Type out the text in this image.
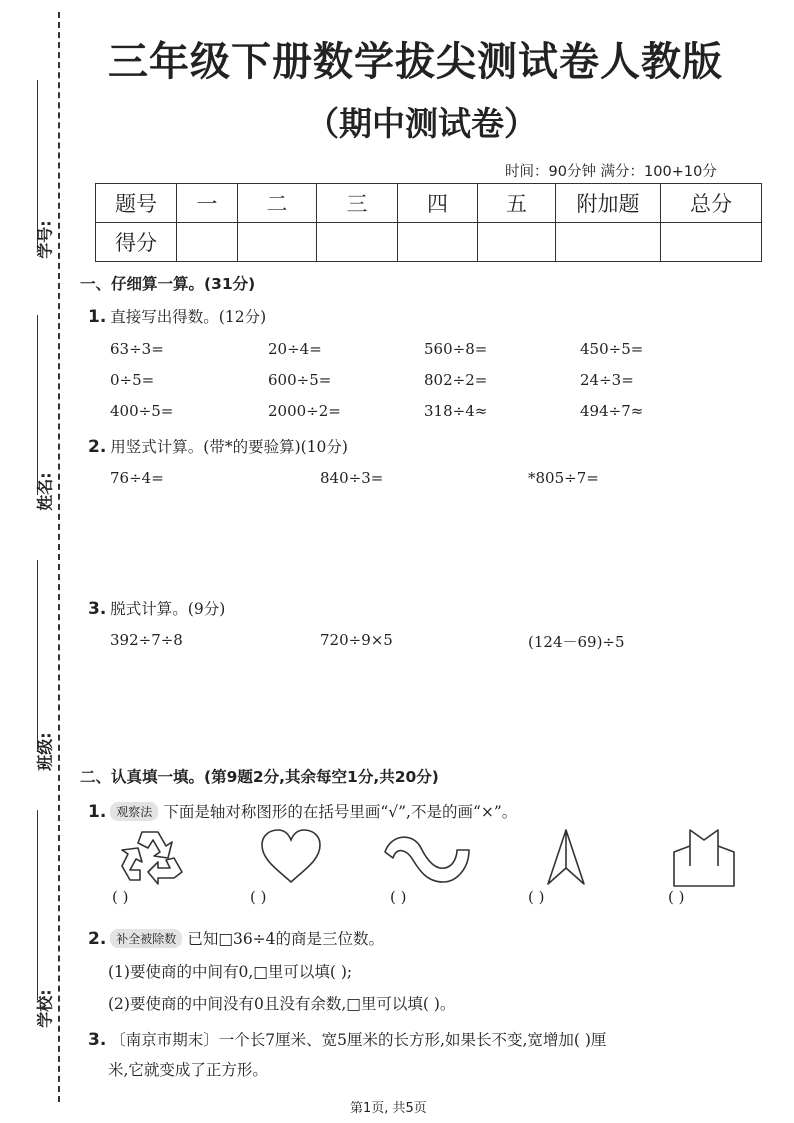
学号:
姓名:
班级:
学校:
三年级下册数学拔尖测试卷人教版
（期中测试卷）
时间：90分钟 满分：100+10分
题号	一	二	三	四	五	附加题	总分
得分							
一、仔细算一算。(31分)
1. 直接写出得数。(12分)
63÷3=	20÷4=	560÷8=	450÷5=
0÷5=	600÷5=	802÷2=	24÷3=
400÷5=	2000÷2=	318÷4≈	494÷7≈
2. 用竖式计算。(带*的要验算)(10分)
76÷4=	840÷3=	*805÷7=
3. 脱式计算。(9分)
392÷7÷8	720÷9×5	(124－69)÷5
二、认真填一填。(第9题2分,其余每空1分,共20分)
1. 观察法 下面是轴对称图形的在括号里画“√”,不是的画“×”。
( )	( )	( )	( )	( )
2. 补全被除数 已知□36÷4的商是三位数。
(1)要使商的中间有0,□里可以填( );
(2)要使商的中间没有0且没有余数,□里可以填( )。
3. 〔南京市期末〕一个长7厘米、宽5厘米的长方形,如果长不变,宽增加( )厘
米,它就变成了正方形。
第1页, 共5页
